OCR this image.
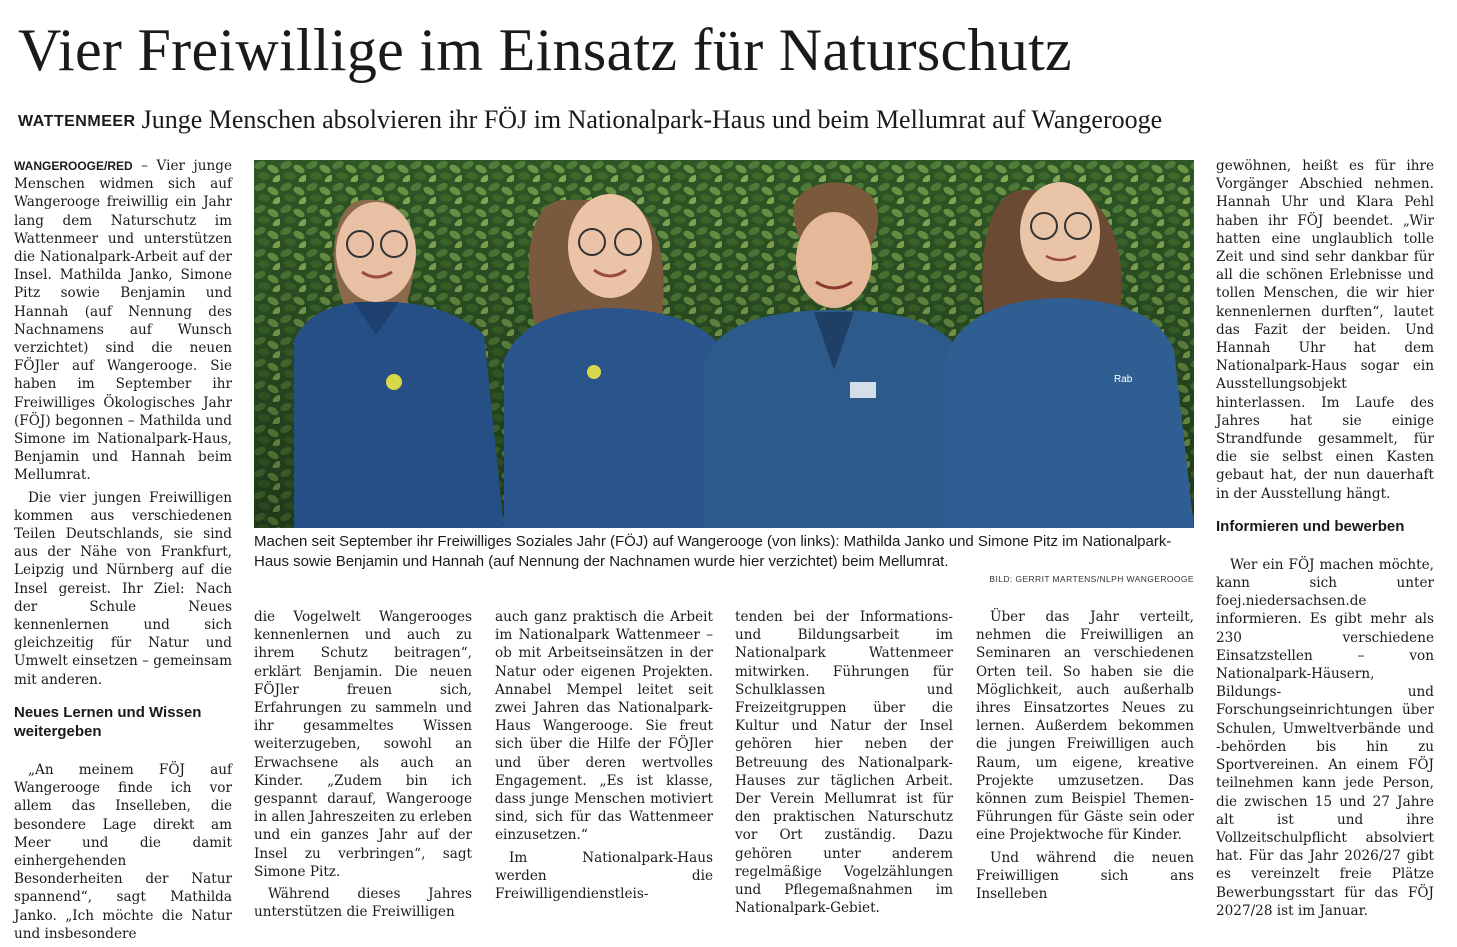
Vier Freiwillige im Einsatz für Naturschutz
WATTENMEER Junge Menschen absolvieren ihr FÖJ im Nationalpark-Haus und beim Mellumrat auf Wangerooge

WANGEROOGE/RED – Vier junge Menschen widmen sich auf Wangerooge freiwillig ein Jahr lang dem Naturschutz im Wattenmeer und unterstützen die Nationalpark-Arbeit auf der Insel. Mathilda Janko, Simone Pitz sowie Benjamin und Hannah (auf Nennung des Nachnamens auf Wunsch verzichtet) sind die neuen FÖJler auf Wangerooge. Sie haben im September ihr Freiwilliges Ökologisches Jahr (FÖJ) begonnen – Mathilda und Simone im Nationalpark-Haus, Benjamin und Hannah beim Mellumrat.

Die vier jungen Freiwilligen kommen aus verschiedenen Teilen Deutschlands, sie sind aus der Nähe von Frankfurt, Leipzig und Nürnberg auf die Insel gereist. Ihr Ziel: Nach der Schule Neues kennenlernen und sich gleichzeitig für Natur und Umwelt einsetzen – gemeinsam mit anderen.

Neues Lernen und Wissen weitergeben

„An meinem FÖJ auf Wangerooge finde ich vor allem das Inselleben, die besondere Lage direkt am Meer und die damit einhergehenden Besonderheiten der Natur spannend“, sagt Mathilda Janko. „Ich möchte die Natur und insbesondere

Rab
Machen seit September ihr Freiwilliges Soziales Jahr (FÖJ) auf Wangerooge (von links): Mathilda Janko und Simone Pitz im Nationalpark-Haus sowie Benjamin und Hannah (auf Nennung der Nachnamen wurde hier verzichtet) beim Mellumrat.
BILD: GERRIT MARTENS/NLPH WANGEROOGE

die Vogelwelt Wangerooges kennenlernen und auch zu ihrem Schutz beitragen“, erklärt Benjamin. Die neuen FÖJler freuen sich, Erfahrungen zu sammeln und ihr gesammeltes Wissen weiterzugeben, sowohl an Erwachsene als auch an Kinder. „Zudem bin ich gespannt darauf, Wangerooge in allen Jahreszeiten zu erleben und ein ganzes Jahr auf der Insel zu verbringen“, sagt Simone Pitz.

Während dieses Jahres unterstützen die Freiwilligen

auch ganz praktisch die Arbeit im Nationalpark Wattenmeer – ob mit Arbeitseinsätzen in der Natur oder eigenen Projekten. Annabel Mempel leitet seit zwei Jahren das Nationalpark-Haus Wangerooge. Sie freut sich über die Hilfe der FÖJler und über deren wertvolles Engagement. „Es ist klasse, dass junge Menschen motiviert sind, sich für das Wattenmeer einzusetzen.“

Im Nationalpark-Haus werden die Freiwilligendienstleis-

tenden bei der Informations- und Bildungsarbeit im Nationalpark Wattenmeer mitwirken. Führungen für Schulklassen und Freizeitgruppen über die Kultur und Natur der Insel gehören hier neben der Betreuung des Nationalpark-Hauses zur täglichen Arbeit. Der Verein Mellumrat ist für den praktischen Naturschutz vor Ort zuständig. Dazu gehören unter anderem regelmäßige Vogelzählungen und Pflegemaßnahmen im Nationalpark-Gebiet.

Über das Jahr verteilt, nehmen die Freiwilligen an Seminaren an verschiedenen Orten teil. So haben sie die Möglichkeit, auch außerhalb ihres Einsatzortes Neues zu lernen. Außerdem bekommen die jungen Freiwilligen auch Raum, um eigene, kreative Projekte umzusetzen. Das können zum Beispiel Themen-Führungen für Gäste sein oder eine Projektwoche für Kinder.

Und während die neuen Freiwilligen sich ans Inselleben

gewöhnen, heißt es für ihre Vorgänger Abschied nehmen. Hannah Uhr und Klara Pehl haben ihr FÖJ beendet. „Wir hatten eine unglaublich tolle Zeit und sind sehr dankbar für all die schönen Erlebnisse und tollen Menschen, die wir hier kennenlernen durften“, lautet das Fazit der beiden. Und Hannah Uhr hat dem Nationalpark-Haus sogar ein Ausstellungsobjekt hinterlassen. Im Laufe des Jahres hat sie einige Strandfunde gesammelt, für die sie selbst einen Kasten gebaut hat, der nun dauerhaft in der Ausstellung hängt.

Informieren und bewerben

Wer ein FÖJ machen möchte, kann sich unter foej.niedersachsen.de informieren. Es gibt mehr als 230 verschiedene Einsatzstellen – von Nationalpark-Häusern, Bildungs- und Forschungseinrichtungen über Schulen, Umweltverbände und -behörden bis hin zu Sportvereinen. An einem FÖJ teilnehmen kann jede Person, die zwischen 15 und 27 Jahre alt ist und ihre Vollzeitschulpflicht absolviert hat. Für das Jahr 2026/27 gibt es vereinzelt freie Plätze Bewerbungsstart für das FÖJ 2027/28 ist im Januar.
